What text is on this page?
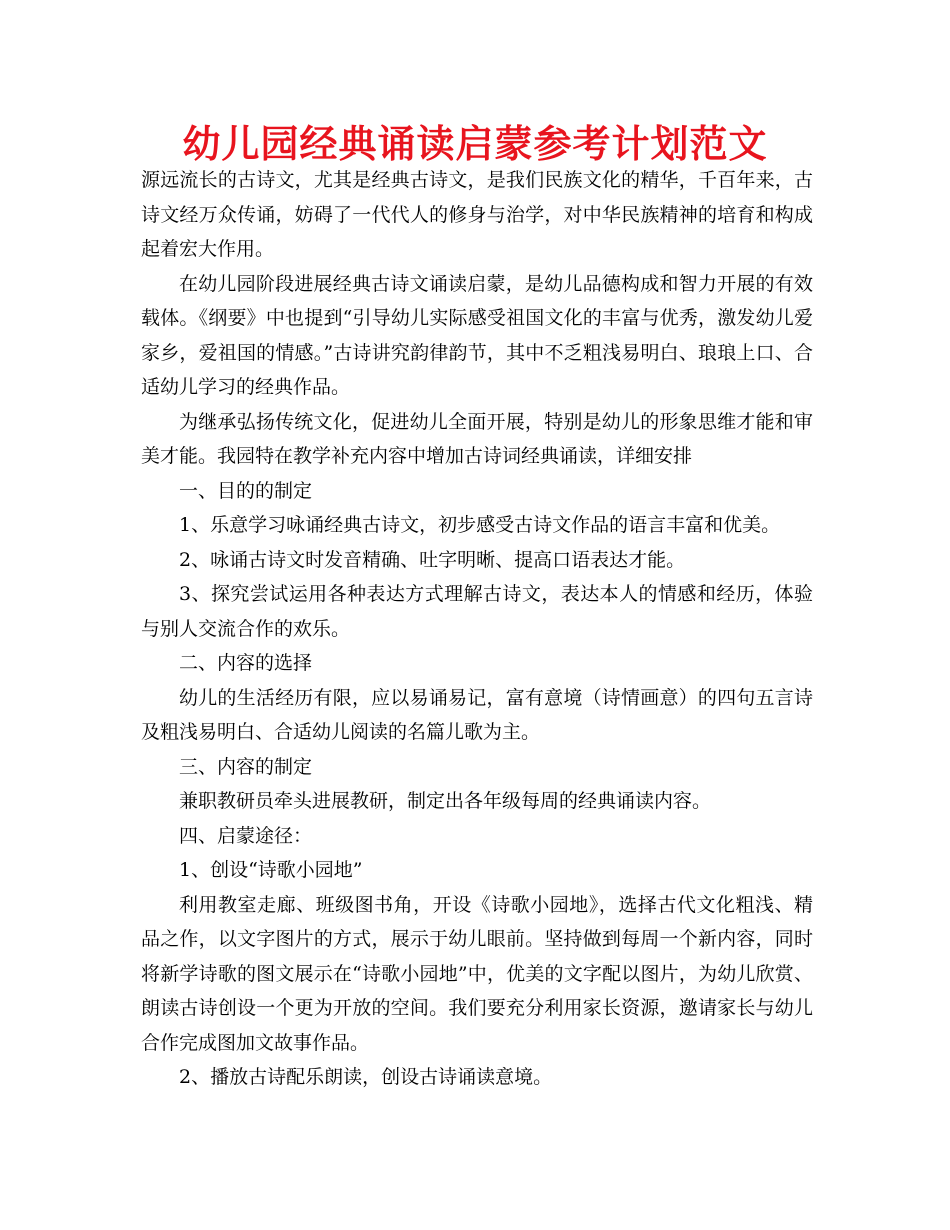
幼儿园经典诵读启蒙参考计划范文

源远流长的古诗文，尤其是经典古诗文，是我们民族文化的精华，千百年来，古诗文经万众传诵，妨碍了一代代人的修身与治学，对中华民族精神的培育和构成起着宏大作用。

在幼儿园阶段进展经典古诗文诵读启蒙，是幼儿品德构成和智力开展的有效载体。《纲要》中也提到“引导幼儿实际感受祖国文化的丰富与优秀，激发幼儿爱家乡，爱祖国的情感。”古诗讲究韵律韵节，其中不乏粗浅易明白、琅琅上口、合适幼儿学习的经典作品。

为继承弘扬传统文化，促进幼儿全面开展，特别是幼儿的形象思维才能和审美才能。我园特在教学补充内容中增加古诗词经典诵读，详细安排

一、目的的制定

1、乐意学习咏诵经典古诗文，初步感受古诗文作品的语言丰富和优美。

2、咏诵古诗文时发音精确、吐字明晰、提高口语表达才能。

3、探究尝试运用各种表达方式理解古诗文，表达本人的情感和经历，体验与别人交流合作的欢乐。

二、内容的选择

幼儿的生活经历有限，应以易诵易记，富有意境（诗情画意）的四句五言诗及粗浅易明白、合适幼儿阅读的名篇儿歌为主。

三、内容的制定

兼职教研员牵头进展教研，制定出各年级每周的经典诵读内容。

四、启蒙途径：

1、创设“诗歌小园地”

利用教室走廊、班级图书角，开设《诗歌小园地》，选择古代文化粗浅、精品之作，以文字图片的方式，展示于幼儿眼前。坚持做到每周一个新内容，同时将新学诗歌的图文展示在“诗歌小园地”中，优美的文字配以图片，为幼儿欣赏、朗读古诗创设一个更为开放的空间。我们要充分利用家长资源，邀请家长与幼儿合作完成图加文故事作品。

2、播放古诗配乐朗读，创设古诗诵读意境。
